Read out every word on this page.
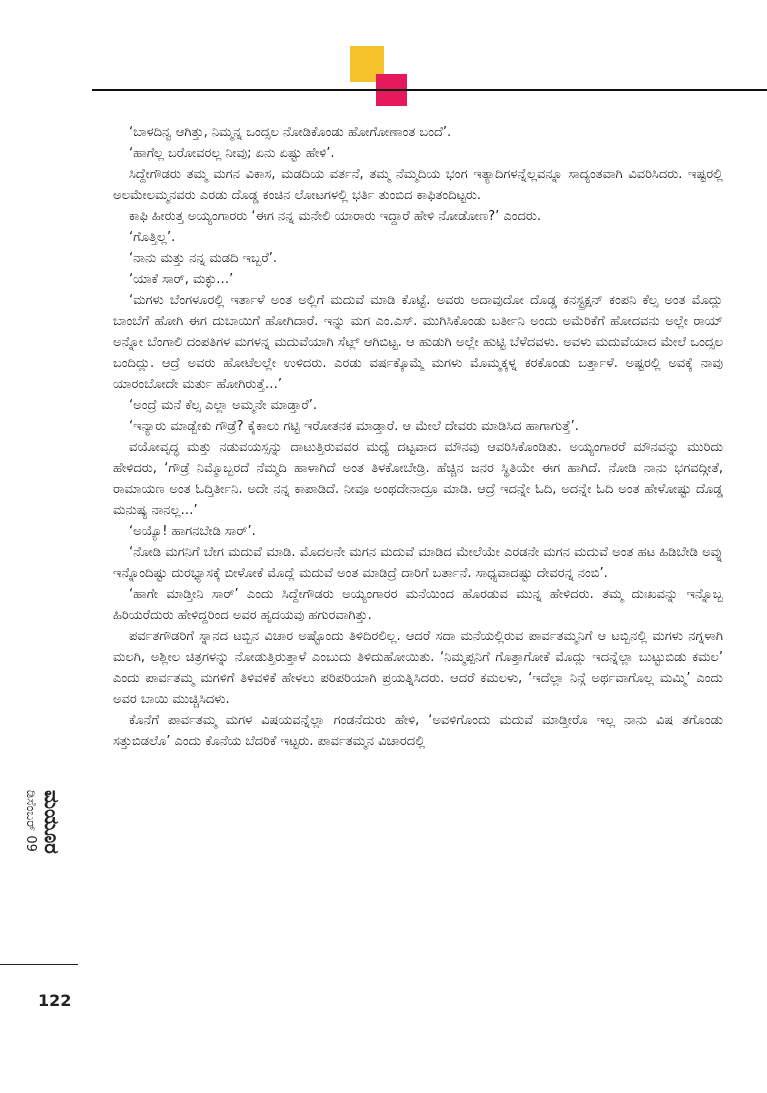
ಮಯೂರ
ಡಿಸೆಂಬರ್ 09
122

‘ಬಾಳದಿನ್ವ ಆಗಿತ್ತು, ನಿಮ್ಮನ್ನ ಒಂದ್ಸಲ ನೋಡಿಕೊಂಡು ಹೋಗೋಣಾಂತ ಬಂದೆ’.

‘ಹಾಗೆಲ್ಲ ಬರೋವರಲ್ಲ ನೀವು; ಏನು ಏಷ್ಟು ಹೇಳಿ’.

ಸಿದ್ದೇಗೌಡರು ತಮ್ಮ ಮಗನ ವಿಕಾಸ, ಮಡದಿಯ ವರ್ತನೆ, ತಮ್ಮ ನೆಮ್ಮದಿಯ ಭಂಗ ಇತ್ಯಾದಿಗಳನ್ನೆಲ್ಲವನ್ನೂ ಸಾದ್ಯಂತವಾಗಿ ವಿವರಿಸಿದರು. ಇಷ್ಟರಲ್ಲಿ ಅಲಮೇಲಮ್ಮನವರು ಎರಡು ದೊಡ್ಡ ಕಂಚಿನ ಲೋಟಗಳಲ್ಲಿ ಭರ್ತಿ ತುಂಬಿದ ಕಾಫಿತಂದಿಟ್ಟರು.

ಕಾಫಿ ಹೀರುತ್ತ ಅಯ್ಯಂಗಾರರು ‘ಈಗ ನನ್ನ ಮನೇಲಿ ಯಾರಾರು ಇದ್ದಾರೆ ಹೇಳಿ ನೋಡೋಣ?’ ಎಂದರು.

‘ಗೊತ್ತಿಲ್ಲ’.

‘ನಾನು ಮತ್ತು ನನ್ನ ಮಡದಿ ಇಬ್ಬರೆ’.

‘ಯಾಕೆ ಸಾರ್, ಮಕ್ಳು…’

‘ಮಗಳು ಬೆಂಗಳೂರಲ್ಲಿ ಇರ್ತಾಳೆ ಅಂತ ಅಲ್ಲಿಗೆ ಮದುವೆ ಮಾಡಿ ಕೊಟ್ಟೆ. ಅವರು ಅದಾವುದೋ ದೊಡ್ಡ ಕನಸ್ಟ್ರಕ್ಷನ್ ಕಂಪನಿ ಕೆಲ್ಸ ಅಂತ ಮೊದ್ಲು ಬಾಂಬೆಗೆ ಹೋಗಿ ಈಗ ದುಬಾಯಿಗೆ ಹೋಗಿದಾರೆ. ಇನ್ನು ಮಗ ಎಂ.ಎಸ್. ಮುಗಿಸಿಕೊಂಡು ಬರ್ತೀನಿ ಅಂದು ಅಮೆರಿಕೆಗೆ ಹೋದವನು ಅಲ್ಲೇ ರಾಯ್ ಅನ್ನೋ ಬೆಂಗಾಲಿ ದಂಪತಿಗಳ ಮಗಳನ್ನ ಮದುವೆಯಾಗಿ ಸೆಟ್ಲ್ ಆಗಿಬಿಟ್ಟ. ಆ ಹುಡುಗಿ ಅಲ್ಲೇ ಹುಟ್ಟಿ ಬೆಳೆದವಳು. ಅವಳು ಮದುವೆಯಾದ ಮೇಲೆ ಒಂದ್ಸಲ ಬಂದಿದ್ಲು. ಆದ್ರೆ ಅವರು ಹೋಟೆಲಲ್ಲೇ ಉಳಿದರು. ಎರಡು ವರ್ಷಕ್ಕೊಮ್ಮೆ ಮಗಳು ಮೊಮ್ಮಕ್ಕಳ್ನ ಕರಕೊಂಡು ಬರ್ತ್ತಾಳೆ. ಅಷ್ಟರಲ್ಲಿ ಅವಕ್ಕೆ ನಾವು ಯಾರಂಬೋದೇ ಮರ್ತು ಹೋಗಿರುತ್ತೆ…’

‘ಅಂದ್ರೆ ಮನೆ ಕೆಲ್ಸ ಎಲ್ಲಾ ಅಮ್ಮನೇ ಮಾಡ್ತಾರೆ’.

‘ಇನ್ಯಾರು ಮಾಡ್ಬೇಕು ಗೌಡ್ರೆ? ಕೈಕಾಲು ಗಟ್ಟಿ ಇರೋತನಕ ಮಾಡ್ತಾರೆ. ಆ ಮೇಲೆ ದೇವರು ಮಾಡಿಸಿದ ಹಾಗಾಗುತ್ತೆ’.

ವಯೋವೃದ್ಧ ಮತ್ತು ನಡುವಯಸ್ಸನ್ನು ದಾಟುತ್ತಿರುವವರ ಮಧ್ಯೆ ದಟ್ಟವಾದ ಮೌನವು ಆವರಿಸಿಕೊಂಡಿತು. ಅಯ್ಯಂಗಾರರೆ ಮೌನವನ್ನು ಮುರಿದು ಹೇಳಿದರು, ‘ಗೌಡ್ರೆ ನಿಮ್ಮೊಬ್ಬರದೆ ನೆಮ್ಮದಿ ಹಾಳಾಗಿದೆ ಅಂತ ತಿಳಕೋಬೇಡ್ರಿ. ಹೆಚ್ಚಿನ ಜನರ ಸ್ಥಿತಿಯೇ ಈಗ ಹಾಗಿದೆ. ನೋಡಿ ನಾನು ಭಗವದ್ಗೀತೆ, ರಾಮಾಯಣ ಅಂತ ಓದ್ತಿರ್ತೀನಿ. ಅದೇ ನನ್ನ ಕಾಪಾಡಿದೆ. ನೀವೂ ಅಂಥದೇನಾದ್ರೂ ಮಾಡಿ. ಆದ್ರೆ ಇದನ್ನೇ ಓದಿ, ಅದನ್ನೇ ಓದಿ ಅಂತ ಹೇಳೋಷ್ಟು ದೊಡ್ಡ ಮನುಷ್ಯ ನಾನಲ್ಲ…’

‘ಅಯ್ಯೊ! ಹಾಗನಬೇಡಿ ಸಾರ್’.

‘ನೋಡಿ ಮಗನಿಗೆ ಬೇಗ ಮದುವೆ ಮಾಡಿ. ಮೊದಲನೇ ಮಗನ ಮದುವೆ ಮಾಡಿದ ಮೇಲೆಯೇ ಎರಡನೇ ಮಗನ ಮದುವೆ ಅಂತ ಹಟ ಹಿಡಿಬೇಡಿ ಅವ್ನು ಇನ್ನೊಂದಿಷ್ಟು ದುರಭ್ಯಾಸಕ್ಕೆ ಬೀಳೋಕೆ ಮೊದ್ಲೆ ಮದುವೆ ಅಂತ ಮಾಡಿದ್ರೆ ದಾರಿಗೆ ಬರ್ತಾನೆ. ಸಾಧ್ಯವಾದಷ್ಟು ದೇವರನ್ನ ನಂಬಿ’.

‘ಹಾಗೇ ಮಾಡ್ತೀನಿ ಸಾರ್’ ಎಂದು ಸಿದ್ದೇಗೌಡರು ಅಯ್ಯಂಗಾರರ ಮನೆಯಿಂದ ಹೊರಡುವ ಮುನ್ನ ಹೇಳಿದರು. ತಮ್ಮ ದುಃಖವನ್ನು ಇನ್ನೊಬ್ಬ ಹಿರಿಯರೆದುರು ಹೇಳಿದ್ದರಿಂದ ಅವರ ಹೃದಯವು ಹಗುರವಾಗಿತ್ತು.

ಪರ್ವತಗೌಡರಿಗೆ ಸ್ನಾನದ ಟಬ್ಬಿನ ವಿಚಾರ ಅಷ್ಟೊಂದು ತಿಳಿದಿರಲಿಲ್ಲ. ಆದರೆ ಸದಾ ಮನೆಯಲ್ಲಿರುವ ಪಾರ್ವತಮ್ಮನಿಗೆ ಆ ಟಬ್ಬಿನಲ್ಲಿ ಮಗಳು ನಗ್ನಳಾಗಿ ಮಲಗಿ, ಅಶ್ಲೀಲ ಚಿತ್ರಗಳನ್ನು ನೋಡುತ್ತಿರುತ್ತಾಳೆ ಎಂಬುದು ತಿಳಿದುಹೋಯಿತು. ‘ನಿಮ್ಮಪ್ಪನಿಗೆ ಗೊತ್ತಾಗೋಕೆ ಮೊದ್ಲು ಇದನ್ನೆಲ್ಲಾ ಬುಟ್ಟುಬಿಡು ಕಮಲ’ ಎಂದು ಪಾರ್ವತಮ್ಮ ಮಗಳಿಗೆ ತಿಳಿವಳಿಕೆ ಹೇಳಲು ಪರಿಪರಿಯಾಗಿ ಪ್ರಯತ್ನಿಸಿದರು. ಆದರೆ ಕಮಲಳು, ‘ಇದೆಲ್ಲಾ ನಿನ್ಗೆ ಅರ್ಥವಾಗೊಲ್ಲ ಮಮ್ಮಿ’ ಎಂದು ಅವರ ಬಾಯಿ ಮುಚ್ಚಿಸಿದಳು.

ಕೊನೆಗೆ ಪಾರ್ವತಮ್ಮ ಮಗಳ ವಿಷಯವನ್ನೆಲ್ಲಾ ಗಂಡನೆದುರು ಹೇಳಿ, ‘ಅವಳಿಗೊಂದು ಮದುವೆ ಮಾಡ್ತೀರೊ ಇಲ್ಲ ನಾನು ವಿಷ ತಗೊಂಡು ಸತ್ತುಬಿಡಲೊ’ ಎಂದು ಕೊನೆಯ ಬೆದರಿಕೆ ಇಟ್ಟರು. ಪಾರ್ವತಮ್ಮನ ವಿಚಾರದಲ್ಲಿ
